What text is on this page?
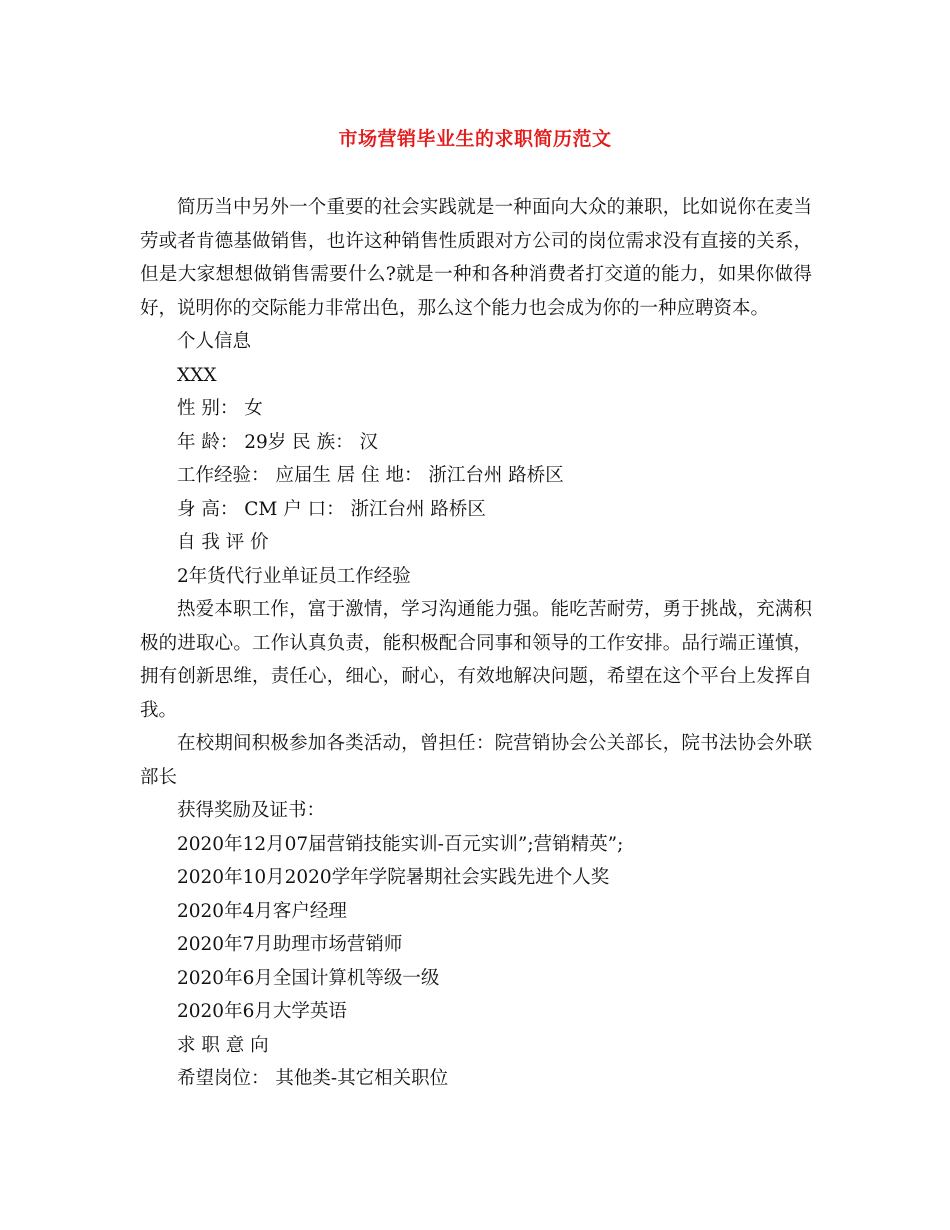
市场营销毕业生的求职简历范文

简历当中另外一个重要的社会实践就是一种面向大众的兼职，比如说你在麦当劳或者肯德基做销售，也许这种销售性质跟对方公司的岗位需求没有直接的关系，但是大家想想做销售需要什么?就是一种和各种消费者打交道的能力，如果你做得好，说明你的交际能力非常出色，那么这个能力也会成为你的一种应聘资本。

个人信息

XXX

性 别： 女

年 龄： 29岁 民 族： 汉

工作经验： 应届生 居 住 地： 浙江台州 路桥区

身 高： CM 户 口： 浙江台州 路桥区

自 我 评 价

2年货代行业单证员工作经验

热爱本职工作，富于激情，学习沟通能力强。能吃苦耐劳，勇于挑战，充满积极的进取心。工作认真负责，能积极配合同事和领导的工作安排。品行端正谨慎，拥有创新思维，责任心，细心，耐心，有效地解决问题，希望在这个平台上发挥自我。

在校期间积极参加各类活动，曾担任：院营销协会公关部长，院书法协会外联部长

获得奖励及证书：

2020年12月07届营销技能实训-百元实训”;营销精英”;

2020年10月2020学年学院暑期社会实践先进个人奖

2020年4月客户经理

2020年7月助理市场营销师

2020年6月全国计算机等级一级

2020年6月大学英语

求 职 意 向

希望岗位： 其他类-其它相关职位
